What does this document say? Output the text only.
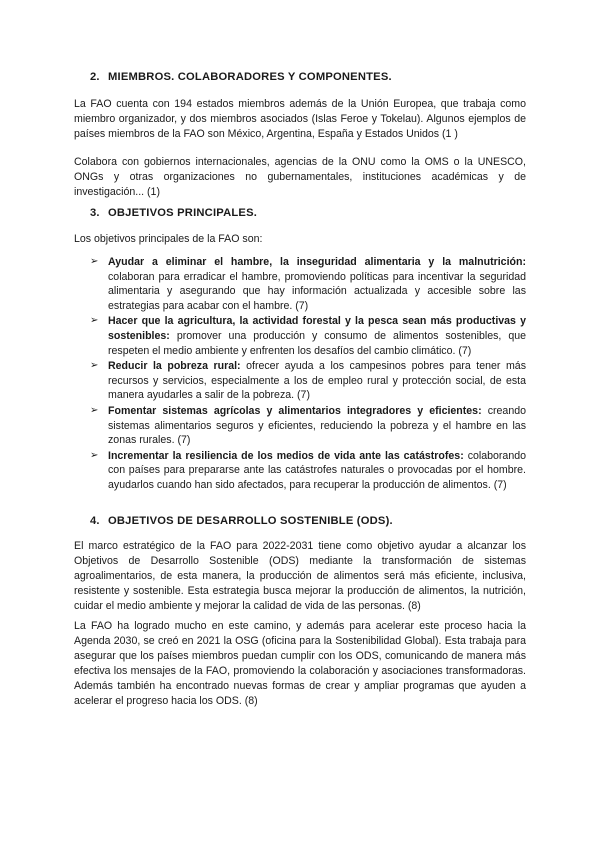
2. MIEMBROS. COLABORADORES Y COMPONENTES.

La FAO cuenta con 194 estados miembros además de la Unión Europea, que trabaja como miembro organizador, y dos miembros asociados (Islas Feroe y Tokelau). Algunos ejemplos de países miembros de la FAO son México, Argentina, España y Estados Unidos (1 )

Colabora con gobiernos internacionales, agencias de la ONU como la OMS o la UNESCO, ONGs y otras organizaciones no gubernamentales, instituciones académicas y de investigación... (1)

3. OBJETIVOS PRINCIPALES.

Los objetivos principales de la FAO son:

➢ Ayudar a eliminar el hambre, la inseguridad alimentaria y la malnutrición: colaboran para erradicar el hambre, promoviendo políticas para incentivar la seguridad alimentaria y asegurando que hay información actualizada y accesible sobre las estrategias para acabar con el hambre. (7)
➢ Hacer que la agricultura, la actividad forestal y la pesca sean más productivas y sostenibles: promover una producción y consumo de alimentos sostenibles, que respeten el medio ambiente y enfrenten los desafíos del cambio climático. (7)
➢ Reducir la pobreza rural: ofrecer ayuda a los campesinos pobres para tener más recursos y servicios, especialmente a los de empleo rural y protección social, de esta manera ayudarles a salir de la pobreza. (7)
➢ Fomentar sistemas agrícolas y alimentarios integradores y eficientes: creando sistemas alimentarios seguros y eficientes, reduciendo la pobreza y el hambre en las zonas rurales. (7)
➢ Incrementar la resiliencia de los medios de vida ante las catástrofes: colaborando con países para prepararse ante las catástrofes naturales o provocadas por el hombre. ayudarlos cuando han sido afectados, para recuperar la producción de alimentos. (7)
4. OBJETIVOS DE DESARROLLO SOSTENIBLE (ODS).

El marco estratégico de la FAO para 2022-2031 tiene como objetivo ayudar a alcanzar los Objetivos de Desarrollo Sostenible (ODS) mediante la transformación de sistemas agroalimentarios, de esta manera, la producción de alimentos será más eficiente, inclusiva, resistente y sostenible. Esta estrategia busca mejorar la producción de alimentos, la nutrición, cuidar el medio ambiente y mejorar la calidad de vida de las personas. (8)

La FAO ha logrado mucho en este camino, y además para acelerar este proceso hacia la Agenda 2030, se creó en 2021 la OSG (oficina para la Sostenibilidad Global). Esta trabaja para asegurar que los países miembros puedan cumplir con los ODS, comunicando de manera más efectiva los mensajes de la FAO, promoviendo la colaboración y asociaciones transformadoras. Además también ha encontrado nuevas formas de crear y ampliar programas que ayuden a acelerar el progreso hacia los ODS. (8)
